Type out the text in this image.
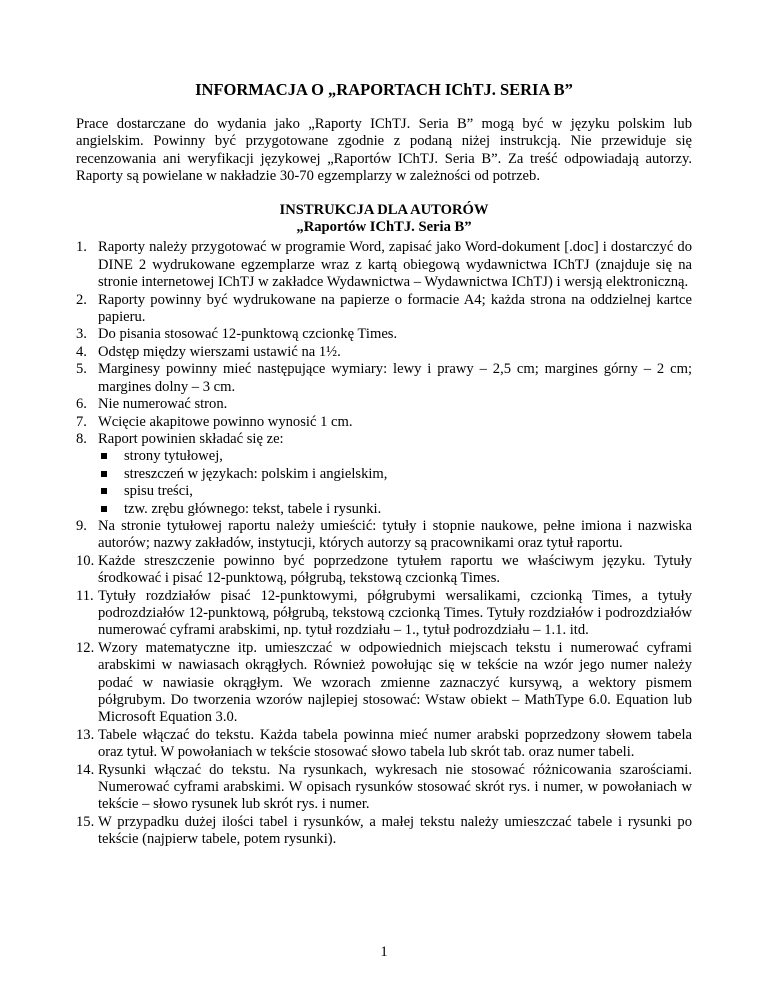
INFORMACJA O „RAPORTACH IChTJ. SERIA B”
Prace dostarczane do wydania jako „Raporty IChTJ. Seria B” mogą być w języku polskim lub angielskim. Powinny być przygotowane zgodnie z podaną niżej instrukcją. Nie przewiduje się recenzowania ani weryfikacji językowej „Raportów IChTJ. Seria B”. Za treść odpowiadają autorzy. Raporty są powielane w nakładzie 30-70 egzemplarzy w zależności od potrzeb.
INSTRUKCJA DLA AUTORÓW
„Raportów IChTJ. Seria B”
1. Raporty należy przygotować w programie Word, zapisać jako Word-dokument [.doc] i dostarczyć do DINE 2 wydrukowane egzemplarze wraz z kartą obiegową wydawnictwa IChTJ (znajduje się na stronie internetowej IChTJ w zakładce Wydawnictwa – Wydawnictwa IChTJ) i wersją elektroniczną.
2. Raporty powinny być wydrukowane na papierze o formacie A4; każda strona na oddzielnej kartce papieru.
3. Do pisania stosować 12-punktową czcionkę Times.
4. Odstęp między wierszami ustawić na 1½.
5. Marginesy powinny mieć następujące wymiary: lewy i prawy – 2,5 cm; margines górny – 2 cm; margines dolny – 3 cm.
6. Nie numerować stron.
7. Wcięcie akapitowe powinno wynosić 1 cm.
8. Raport powinien składać się ze:
strony tytułowej,
streszczeń w językach: polskim i angielskim,
spisu treści,
tzw. zrębu głównego: tekst, tabele i rysunki.
9. Na stronie tytułowej raportu należy umieścić: tytuły i stopnie naukowe, pełne imiona i nazwiska autorów; nazwy zakładów, instytucji, których autorzy są pracownikami oraz tytuł raportu.
10. Każde streszczenie powinno być poprzedzone tytułem raportu we właściwym języku. Tytuły środkować i pisać 12-punktową, półgrubą, tekstową czcionką Times.
11. Tytuły rozdziałów pisać 12-punktowymi, półgrubymi wersalikami, czcionką Times, a tytuły podrozdziałów 12-punktową, półgrubą, tekstową czcionką Times. Tytuły rozdziałów i podrozdziałów numerować cyframi arabskimi, np. tytuł rozdziału – 1., tytuł podrozdziału – 1.1. itd.
12. Wzory matematyczne itp. umieszczać w odpowiednich miejscach tekstu i numerować cyframi arabskimi w nawiasach okrągłych. Również powołując się w tekście na wzór jego numer należy podać w nawiasie okrągłym. We wzorach zmienne zaznaczyć kursywą, a wektory pismem półgrubym. Do tworzenia wzorów najlepiej stosować: Wstaw obiekt – MathType 6.0. Equation lub Microsoft Equation 3.0.
13. Tabele włączać do tekstu. Każda tabela powinna mieć numer arabski poprzedzony słowem tabela oraz tytuł. W powołaniach w tekście stosować słowo tabela lub skrót tab. oraz numer tabeli.
14. Rysunki włączać do tekstu. Na rysunkach, wykresach nie stosować różnicowania szarościami. Numerować cyframi arabskimi. W opisach rysunków stosować skrót rys. i numer, w powołaniach w tekście – słowo rysunek lub skrót rys. i numer.
15. W przypadku dużej ilości tabel i rysunków, a małej tekstu należy umieszczać tabele i rysunki po tekście (najpierw tabele, potem rysunki).
1
